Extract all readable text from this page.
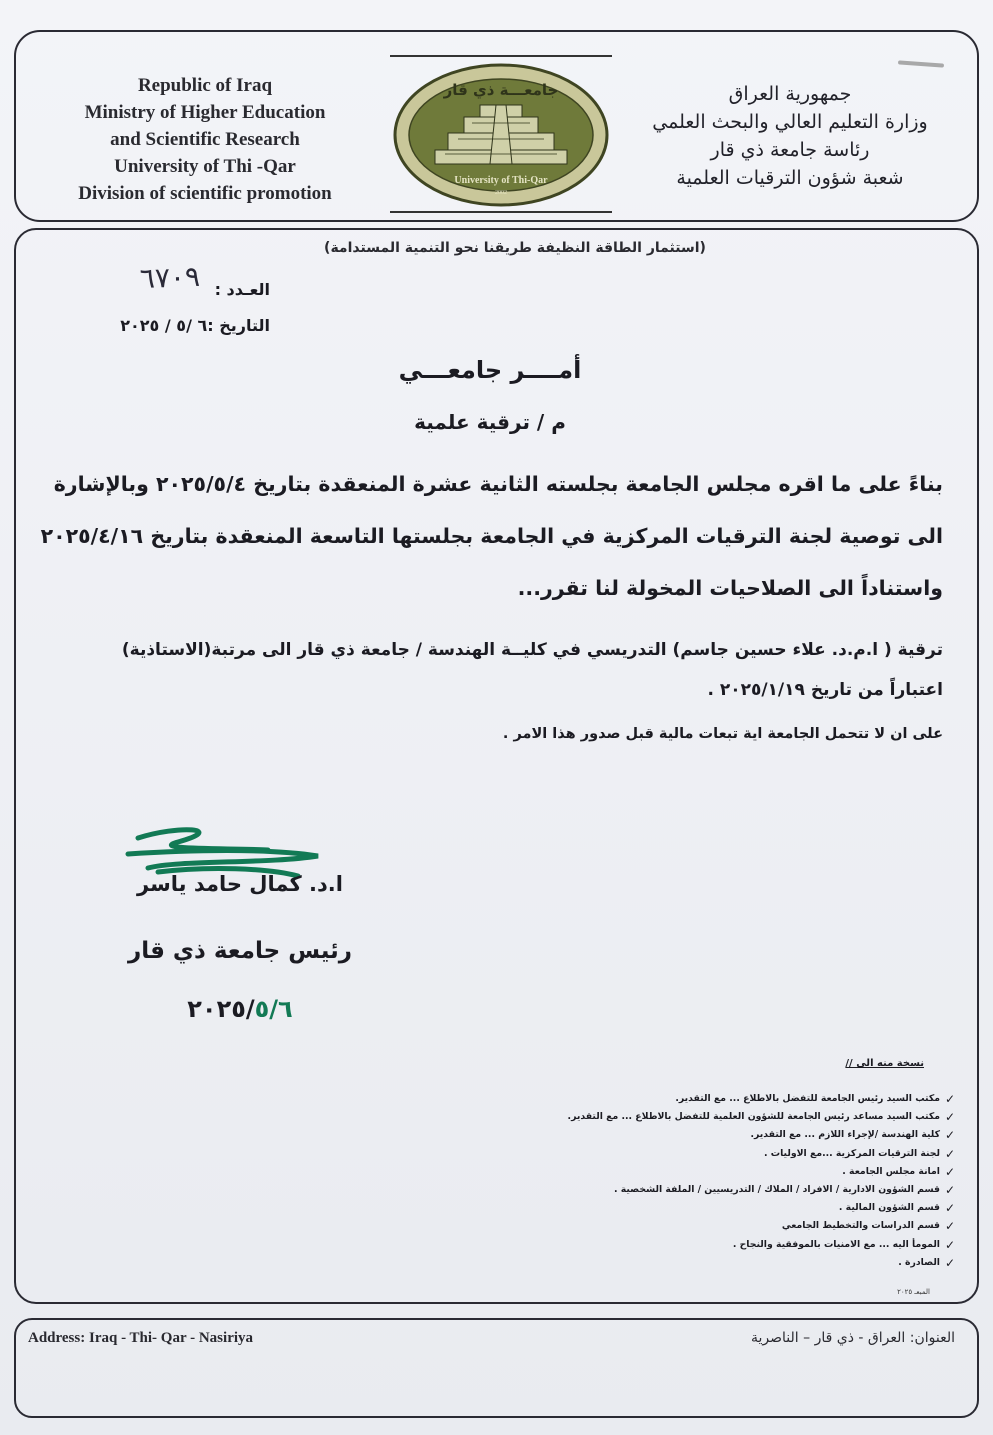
Republic of Iraq
Ministry of Higher Education
and Scientific Research
University of Thi -Qar
Division of scientific promotion
جامعـــة ذي قار
University of Thi-Qar
2002
جمهورية العراق
وزارة التعليم العالي والبحث العلمي
رئاسة جامعة ذي قار
شعبة شؤون الترقيات العلمية
(استثمار الطاقة النظيفة طريقنا نحو التنمية المستدامة)
العـدد :
٦٧٠٩
التاريخ :٦ /٥ / ٢٠٢٥
أمــــر جامعـــي
م / ترقية علمية
بناءً على ما اقره مجلس الجامعة بجلسته الثانية عشرة المنعقدة بتاريخ ٢٠٢٥/٥/٤ وبالإشارة
الى توصية لجنة الترقيات المركزية في الجامعة بجلستها التاسعة المنعقدة بتاريخ ٢٠٢٥/٤/١٦
واستناداً الى الصلاحيات المخولة لنا تقرر...
ترقية ( ا.م.د. علاء حسين جاسم) التدريسي في كليــة الهندسة / جامعة ذي قار الى مرتبة(الاستاذية)
اعتباراً من تاريخ ٢٠٢٥/١/١٩ .
على ان لا تتحمل الجامعة اية تبعات مالية قبل صدور هذا الامر .
ا.د. كمال حامد ياسر
رئيس جامعة ذي قار
٢٠٢٥/٥/٦
نسخة منه الى //
✓
مكتب السيد رئيس الجامعة للتفضل بالاطلاع ... مع التقدير.
✓
مكتب السيد مساعد رئيس الجامعة للشؤون العلمية للتفضل بالاطلاع ... مع التقدير.
✓
كلية الهندسة /لإجراء اللازم ... مع التقدير.
✓
لجنة الترقيات المركزية ...مع الاوليات .
✓
امانة مجلس الجامعة .
✓
قسم الشؤون الادارية / الافراد / الملاك / التدريسيين / الملفة الشخصية .
✓
قسم الشؤون المالية .
✓
قسم الدراسات والتخطيط الجامعي
✓
المومأ اليه ... مع الامنيات بالموفقية والنجاح .
✓
الصادرة .
المبعـ ٢٠٢٥
Address: Iraq - Thi- Qar - Nasiriya	العنوان: العراق - ذي قار – الناصرية
